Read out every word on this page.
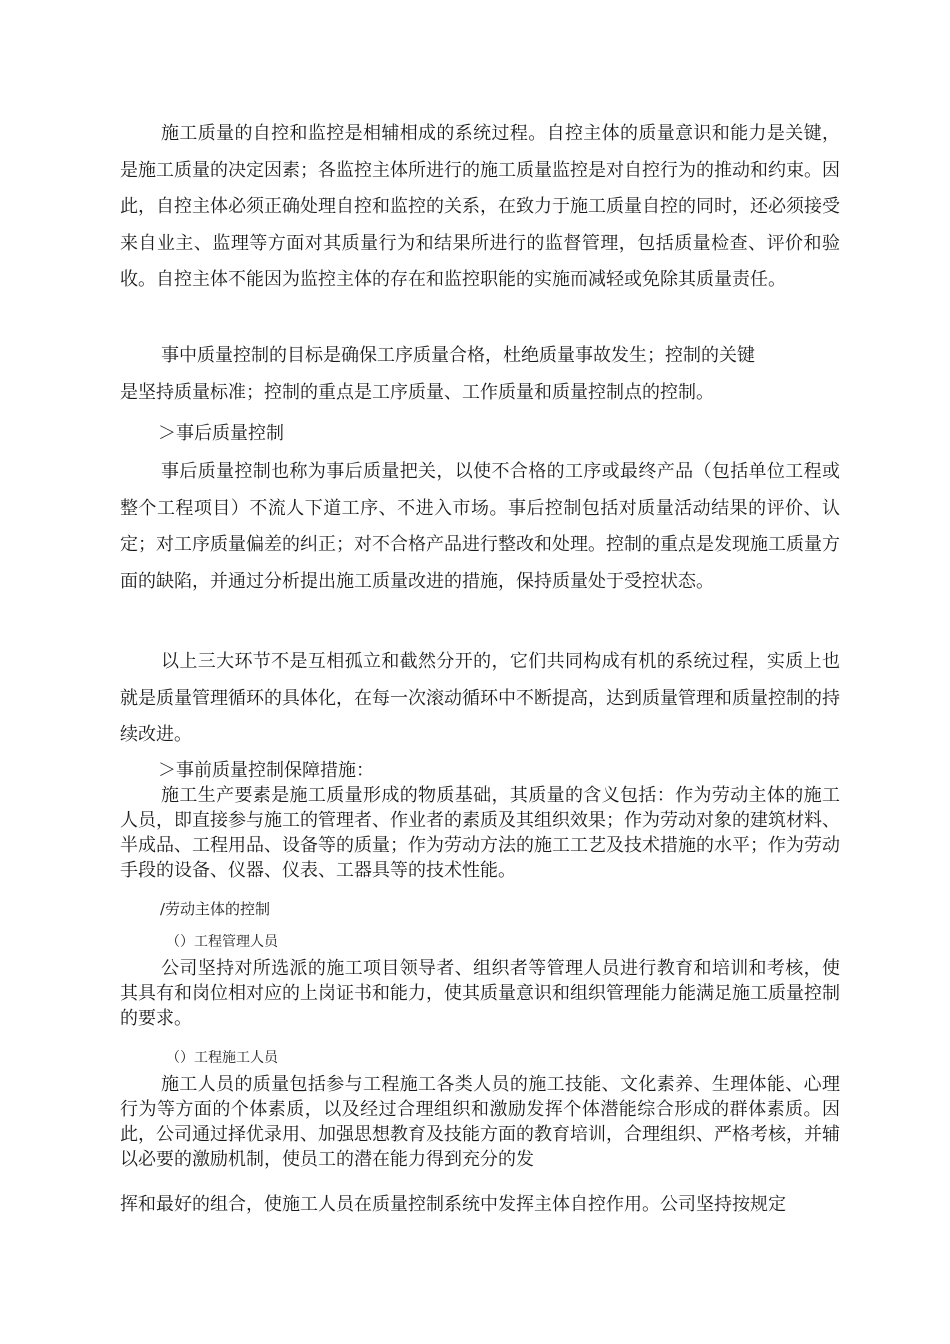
施工质量的自控和监控是相辅相成的系统过程。自控主体的质量意识和能力是关键，是施工质量的决定因素；各监控主体所进行的施工质量监控是对自控行为的推动和约束。因此，自控主体必须正确处理自控和监控的关系，在致力于施工质量自控的同时，还必须接受来自业主、监理等方面对其质量行为和结果所进行的监督管理，包括质量检查、评价和验收。自控主体不能因为监控主体的存在和监控职能的实施而减轻或免除其质量责任。

事中质量控制的目标是确保工序质量合格，杜绝质量事故发生；控制的关键

是坚持质量标准；控制的重点是工序质量、工作质量和质量控制点的控制。

＞事后质量控制

事后质量控制也称为事后质量把关，以使不合格的工序或最终产品（包括单位工程或整个工程项目）不流人下道工序、不进入市场。事后控制包括对质量活动结果的评价、认定；对工序质量偏差的纠正；对不合格产品进行整改和处理。控制的重点是发现施工质量方面的缺陷，并通过分析提出施工质量改进的措施，保持质量处于受控状态。

以上三大环节不是互相孤立和截然分开的，它们共同构成有机的系统过程，实质上也就是质量管理循环的具体化，在每一次滚动循环中不断提高，达到质量管理和质量控制的持续改进。

＞事前质量控制保障措施：

施工生产要素是施工质量形成的物质基础，其质量的含义包括：作为劳动主体的施工人员，即直接参与施工的管理者、作业者的素质及其组织效果；作为劳动对象的建筑材料、半成品、工程用品、设备等的质量；作为劳动方法的施工工艺及技术措施的水平；作为劳动手段的设备、仪器、仪表、工器具等的技术性能。

/劳动主体的控制

（）工程管理人员

公司坚持对所选派的施工项目领导者、组织者等管理人员进行教育和培训和考核，使其具有和岗位相对应的上岗证书和能力，使其质量意识和组织管理能力能满足施工质量控制的要求。

（）工程施工人员

施工人员的质量包括参与工程施工各类人员的施工技能、文化素养、生理体能、心理行为等方面的个体素质，以及经过合理组织和激励发挥个体潜能综合形成的群体素质。因此，公司通过择优录用、加强思想教育及技能方面的教育培训，合理组织、严格考核，并辅以必要的激励机制，使员工的潜在能力得到充分的发

挥和最好的组合，使施工人员在质量控制系统中发挥主体自控作用。公司坚持按规定
